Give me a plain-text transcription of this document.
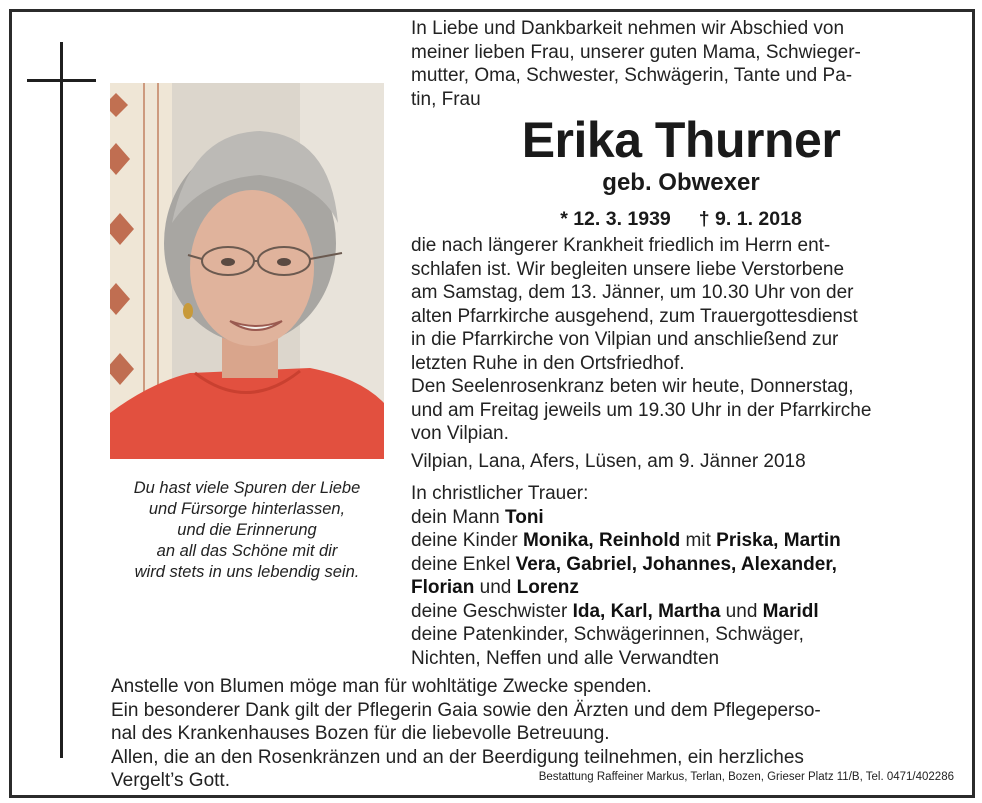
Du hast viele Spuren der Liebe
und Fürsorge hinterlassen,
und die Erinnerung
an all das Schöne mit dir
wird stets in uns lebendig sein.
In Liebe und Dankbarkeit nehmen wir Abschied von
meiner lieben Frau, unserer guten Mama, Schwieger-
mutter, Oma, Schwester, Schwägerin, Tante und Pa-
tin, Frau
Erika Thurner
geb. Obwexer
* 12. 3. 1939 † 9. 1. 2018
die nach längerer Krankheit friedlich im Herrn ent-
schlafen ist. Wir begleiten unsere liebe Verstorbene
am Samstag, dem 13. Jänner, um 10.30 Uhr von der
alten Pfarrkirche ausgehend, zum Trauergottesdienst
in die Pfarrkirche von Vilpian und anschließend zur
letzten Ruhe in den Ortsfriedhof.
Den Seelenrosenkranz beten wir heute, Donnerstag,
und am Freitag jeweils um 19.30 Uhr in der Pfarrkirche
von Vilpian.
Vilpian, Lana, Afers, Lüsen, am 9. Jänner 2018
In christlicher Trauer:
dein Mann Toni
deine Kinder Monika, Reinhold mit Priska, Martin
deine Enkel Vera, Gabriel, Johannes, Alexander,
Florian und Lorenz
deine Geschwister Ida, Karl, Martha und Maridl
deine Patenkinder, Schwägerinnen, Schwäger,
Nichten, Neffen und alle Verwandten
Anstelle von Blumen möge man für wohltätige Zwecke spenden.
Ein besonderer Dank gilt der Pflegerin Gaia sowie den Ärzten und dem Pflegeperso-
nal des Krankenhauses Bozen für die liebevolle Betreuung.
Allen, die an den Rosenkränzen und an der Beerdigung teilnehmen, ein herzliches
Vergelt’s Gott.	Bestattung Raffeiner Markus, Terlan, Bozen, Grieser Platz 11/B, Tel. 0471/402286
